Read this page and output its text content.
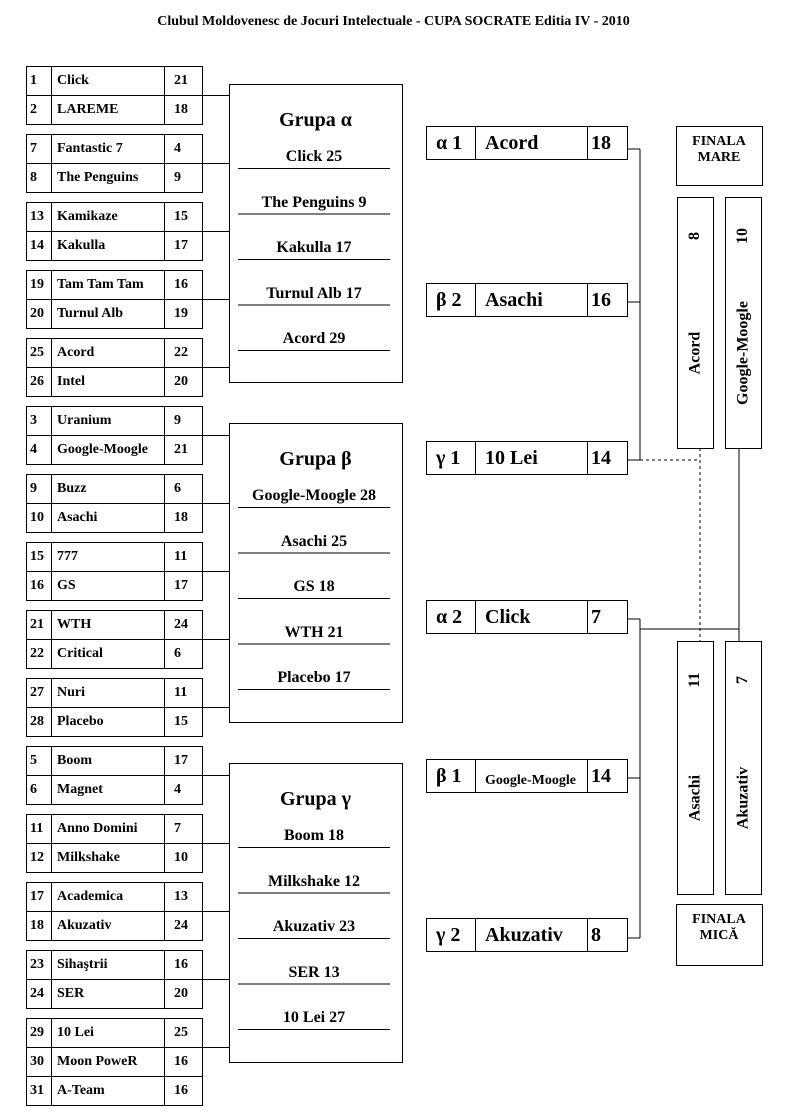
Clubul Moldovenesc de Jocuri Intelectuale - CUPA SOCRATE Editia IV - 2010
1	Click	21
2	LAREME	18
7	Fantastic 7	4
8	The Penguins	9
13 Kamikaze	15
14 Kakulla	17
19 Tam Tam Tam 16
20 Turnul Alb	19
25 Acord	22
26 Intel	20
3	Uranium	9
4	Google-Moogle 21
9	Buzz	6
10 Asachi	18
15 777	11
16 GS	17
21 WTH	24
22 Critical	6
27 Nuri	11
28 Placebo	15
5	Boom	17
6	Magnet	4
11 Anno Domini	7
12 Milkshake	10
17 Academica	13
18 Akuzativ	24
23 Sihaştrii	16
24 SER	20
29 10 Lei	25
30 Moon PoweR	16
31 A-Team	16
Grupa α
Click 25
The Penguins 9
Kakulla 17
Turnul Alb 17
Acord 29
Grupa β
Google-Moogle 28
Asachi 25
GS 18
WTH 21
Placebo 17
Grupa γ
Boom 18
Milkshake 12
Akuzativ 23
SER 13
10 Lei 27
α 1 Acord	18
β 2 Asachi 16
γ 1 10 Lei	14
α 2 Click	7
β 1 Google-Moogle 14
γ 2 Akuzativ 8
FINALA MARE
FINALA MICĂ
Acord
8
Google-Moogle
10
Asachi
11
Akuzativ
7
